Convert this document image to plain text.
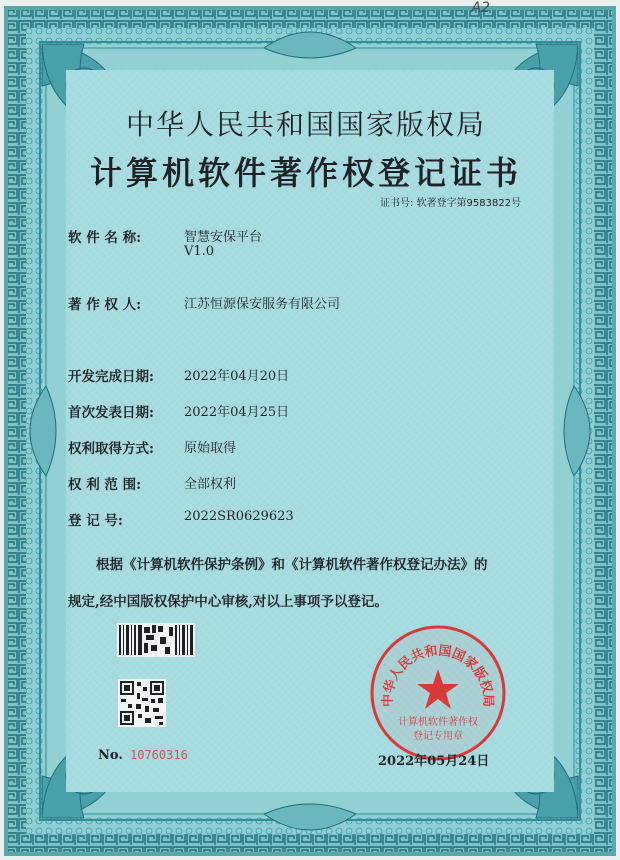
A2
中华人民共和国国家版权局
计算机软件著作权登记证书
证书号: 软著登字第9583822号
软 件 名 称:	智慧安保平台
V1.0
著 作 权 人:	江苏恒源保安服务有限公司
开发完成日期: 2022年04月20日
首次发表日期: 2022年04月25日
权利取得方式: 原始取得
权 利 范 围:	全部权利
登 记 号:	2022SR0629623
根据《计算机软件保护条例》和《计算机软件著作权登记办法》的
规定,经中国版权保护中心审核,对以上事项予以登记。
No. 10760316
中华人民共和国国家版权局
计算机软件著作权
登记专用章
2022年05月24日
